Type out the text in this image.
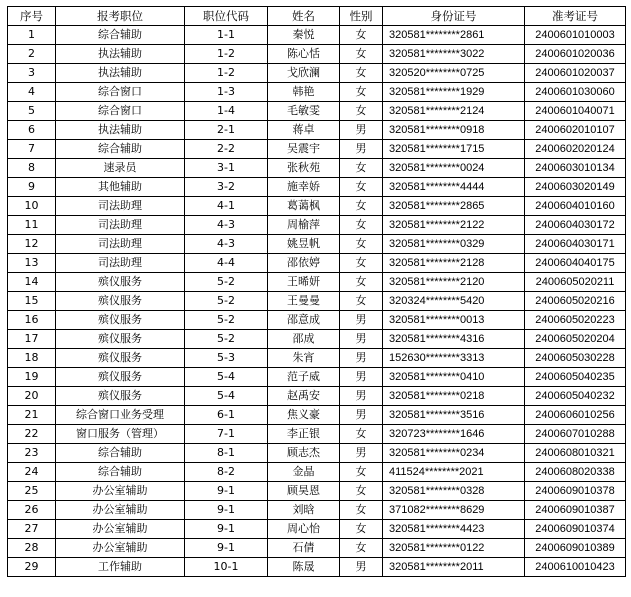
序号	报考职位	职位代码	姓名	性别	身份证号	准考证号
1	综合辅助	1-1	秦悦	女	320581********2861	2400601010003
2	执法辅助	1-2	陈心恬	女	320581********3022	2400601020036
3	执法辅助	1-2	戈欣澜	女	320520********0725	2400601020037
4	综合窗口	1-3	韩艳	女	320581********1929	2400601030060
5	综合窗口	1-4	毛敏雯	女	320581********2124	2400601040071
6	执法辅助	2-1	蒋卓	男	320581********0918	2400602010107
7	综合辅助	2-2	吴震宇	男	320581********1715	2400602020124
8	速录员	3-1	张秋苑	女	320581********0024	2400603010134
9	其他辅助	3-2	施幸娇	女	320581********4444	2400603020149
10	司法助理	4-1	葛蔼枫	女	320581********2865	2400604010160
11	司法助理	4-3	周榆萍	女	320581********2122	2400604030172
12	司法助理	4-3	姚昱帆	女	320581********0329	2400604030171
13	司法助理	4-4	邵依婷	女	320581********2128	2400604040175
14	殡仪服务	5-2	王晞妍	女	320581********2120	2400605020211
15	殡仪服务	5-2	王曼曼	女	320324********5420	2400605020216
16	殡仪服务	5-2	邵意成	男	320581********0013	2400605020223
17	殡仪服务	5-2	邵成	男	320581********4316	2400605020204
18	殡仪服务	5-3	朱宵	男	152630********3313	2400605030228
19	殡仪服务	5-4	范子威	男	320581********0410	2400605040235
20	殡仪服务	5-4	赵禹安	男	320581********0218	2400605040232
21	综合窗口业务受理	6-1	焦义豪	男	320581********3516	2400606010256
22	窗口服务（管理）	7-1	李正银	女	320723********1646	2400607010288
23	综合辅助	8-1	顾志杰	男	320581********0234	2400608010321
24	综合辅助	8-2	金晶	女	411524********2021	2400608020338
25	办公室辅助	9-1	顾昊恩	女	320581********0328	2400609010378
26	办公室辅助	9-1	刘晗	女	371082********8629	2400609010387
27	办公室辅助	9-1	周心怡	女	320581********4423	2400609010374
28	办公室辅助	9-1	石倩	女	320581********0122	2400609010389
29	工作辅助	10-1	陈晟	男	320581********2011	2400610010423
